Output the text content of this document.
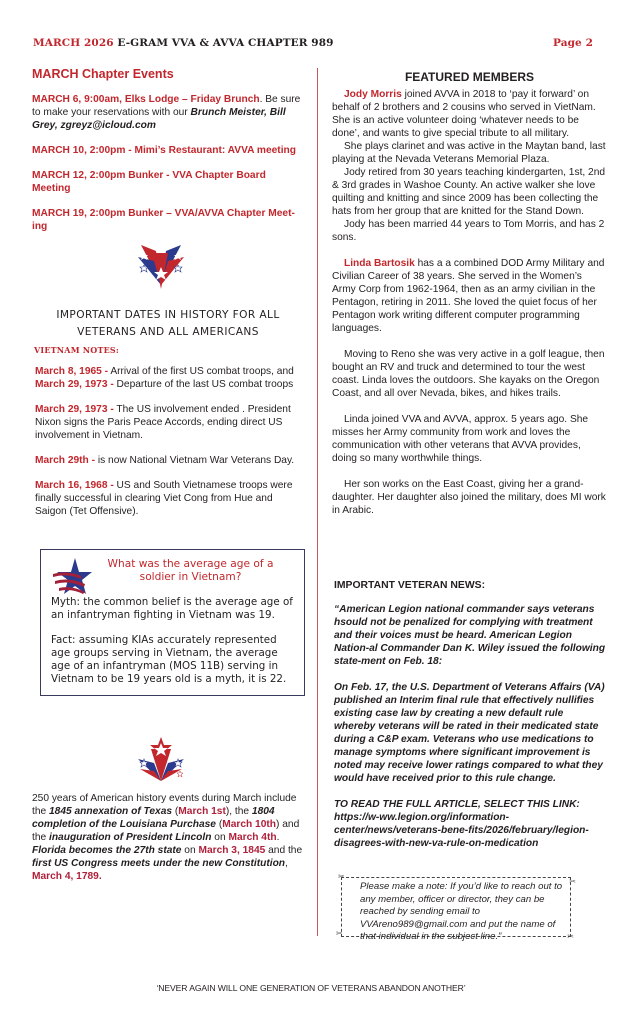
MARCH 2026 E-GRAM VVA & AVVA CHAPTER 989	Page 2
MARCH Chapter Events
MARCH 6, 9:00am, Elks Lodge – Friday Brunch. Be sure to make your reservations with our Brunch Meister, Bill Grey, zgreyz@icloud.com
MARCH 10, 2:00pm - Mimi’s Restaurant: AVVA meeting
MARCH 12, 2:00pm Bunker - VVA Chapter Board Meeting
MARCH 19, 2:00pm Bunker – VVA/AVVA Chapter Meet-ing
IMPORTANT DATES IN HISTORY FOR ALL
VETERANS AND ALL AMERICANS
VIETNAM NOTES:
March 8, 1965 - Arrival of the first US combat troops, and March 29, 1973 - Departure of the last US combat troops
March 29, 1973 - The US involvement ended . President Nixon signs the Paris Peace Accords, ending direct US involvement in Vietnam.
March 29th - is now National Vietnam War Veterans Day.
March 16, 1968 - US and South Vietnamese troops were finally successful in clearing Viet Cong from Hue and Saigon (Tet Offensive).
What was the average age of a soldier in Vietnam?
Myth: the common belief is the average age of an infantryman fighting in Vietnam was 19.
Fact: assuming KIAs accurately represented age groups serving in Vietnam, the average age of an infantryman (MOS 11B) serving in Vietnam to be 19 years old is a myth, it is 22.
250 years of American history events during March include the 1845 annexation of Texas (March 1st), the 1804 completion of the Louisiana Purchase (March 10th) and the inauguration of President Lincoln on March 4th.
Florida becomes the 27th state on March 3, 1845 and the first US Congress meets under the new Constitution,
March 4, 1789.
FEATURED MEMBERS
Jody Morris joined AVVA in 2018 to ‘pay it forward’ on behalf of 2 brothers and 2 cousins who served in VietNam. She is an active volunteer doing ‘whatever needs to be done’, and wants to give special tribute to all military.
She plays clarinet and was active in the Maytan band, last playing at the Nevada Veterans Memorial Plaza.
Jody retired from 30 years teaching kindergarten, 1st, 2nd & 3rd grades in Washoe County. An active walker she love quilting and knitting and since 2009 has been collecting the hats from her group that are knitted for the Stand Down.
Jody has been married 44 years to Tom Morris, and has 2 sons.
Linda Bartosik has a a combined DOD Army Military and Civilian Career of 38 years. She served in the Women’s Army Corp from 1962-1964, then as an army civilian in the Pentagon, retiring in 2011. She loved the quiet focus of her Pentagon work writing different computer programming languages.
Moving to Reno she was very active in a golf league, then bought an RV and truck and determined to tour the west coast. Linda loves the outdoors. She kayaks on the Oregon Coast, and all over Nevada, bikes, and hikes trails.
Linda joined VVA and AVVA, approx. 5 years ago. She misses her Army community from work and loves the communication with other veterans that AVVA provides, doing so many worthwhile things.
Her son works on the East Coast, giving her a grand-daughter. Her daughter also joined the military, does MI work in Arabic.
IMPORTANT VETERAN NEWS:
“American Legion national commander says veterans hsould not be penalized for complying with treatment and their voices must be heard. American Legion Nation-al Commander Dan K. Wiley issued the following state-ment on Feb. 18:
On Feb. 17, the U.S. Department of Veterans Affairs (VA) published an Interim final rule that effectively nullifies existing case law by creating a new default rule whereby veterans will be rated in their medicated state during a C&P exam. Veterans who use medications to manage symptoms where significant improvement is noted may receive lower ratings compared to what they would have received prior to this rule change.
TO READ THE FULL ARTICLE, SELECT THIS LINK: https://w-ww.legion.org/information-center/news/veterans-bene-fits/2026/february/legion-disagrees-with-new-va-rule-on-medication
✂
✂
✂	✂
Please make a note: If you’d like to reach out to any member, officer or director, they can be reached by sending email to VVAreno989@gmail.com and put the name of that individual in the subject line.”
‘NEVER AGAIN WILL ONE GENERATION OF VETERANS ABANDON ANOTHER’
